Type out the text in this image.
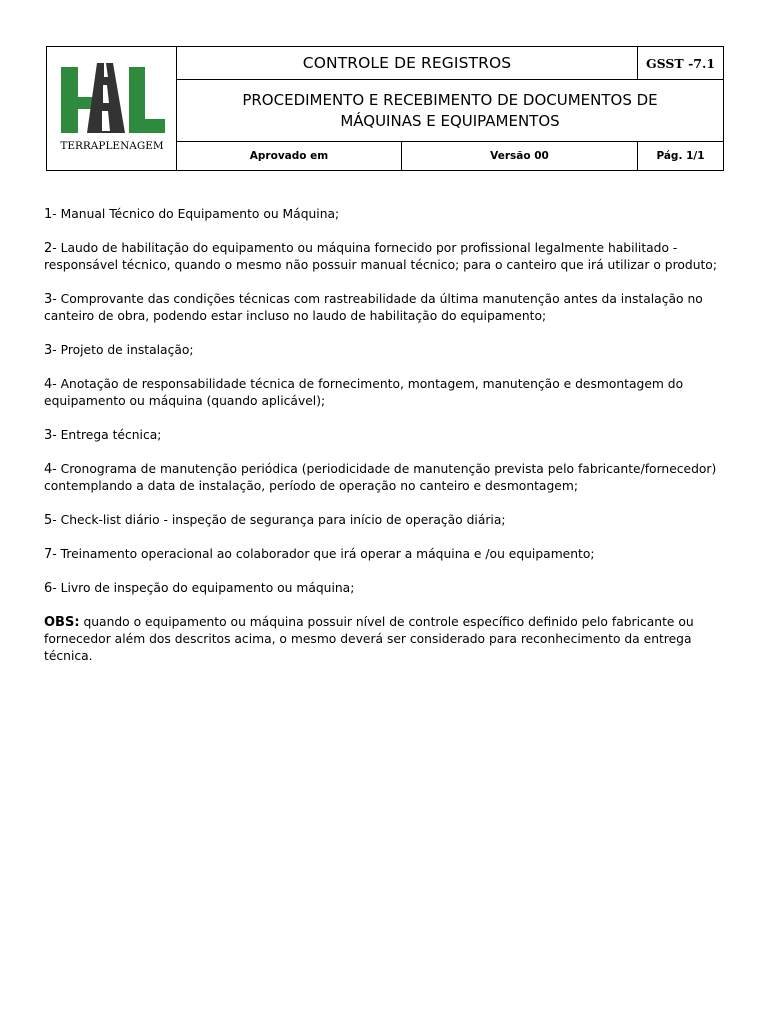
TERRAPLENAGEM	CONTROLE DE REGISTROS		GSST -7.1
	PROCEDIMENTO E RECEBIMENTO DE DOCUMENTOS DE
MÁQUINAS E EQUIPAMENTOS		
	Aprovado em	Versão 00	Pág. 1/1

1- Manual Técnico do Equipamento ou Máquina;

2- Laudo de habilitação do equipamento ou máquina fornecido por profissional legalmente habilitado - responsável técnico, quando o mesmo não possuir manual técnico; para o canteiro que irá utilizar o produto;

3- Comprovante das condições técnicas com rastreabilidade da última manutenção antes da instalação no canteiro de obra, podendo estar incluso no laudo de habilitação do equipamento;

3- Projeto de instalação;

4- Anotação de responsabilidade técnica de fornecimento, montagem, manutenção e desmontagem do equipamento ou máquina (quando aplicável);

3- Entrega técnica;

4- Cronograma de manutenção periódica (periodicidade de manutenção prevista pelo fabricante/fornecedor) contemplando a data de instalação, período de operação no canteiro e desmontagem;

5- Check-list diário - inspeção de segurança para início de operação diária;

7- Treinamento operacional ao colaborador que irá operar a máquina e /ou equipamento;

6- Livro de inspeção do equipamento ou máquina;

OBS: quando o equipamento ou máquina possuir nível de controle específico definido pelo fabricante ou fornecedor além dos descritos acima, o mesmo deverá ser considerado para reconhecimento da entrega técnica.
